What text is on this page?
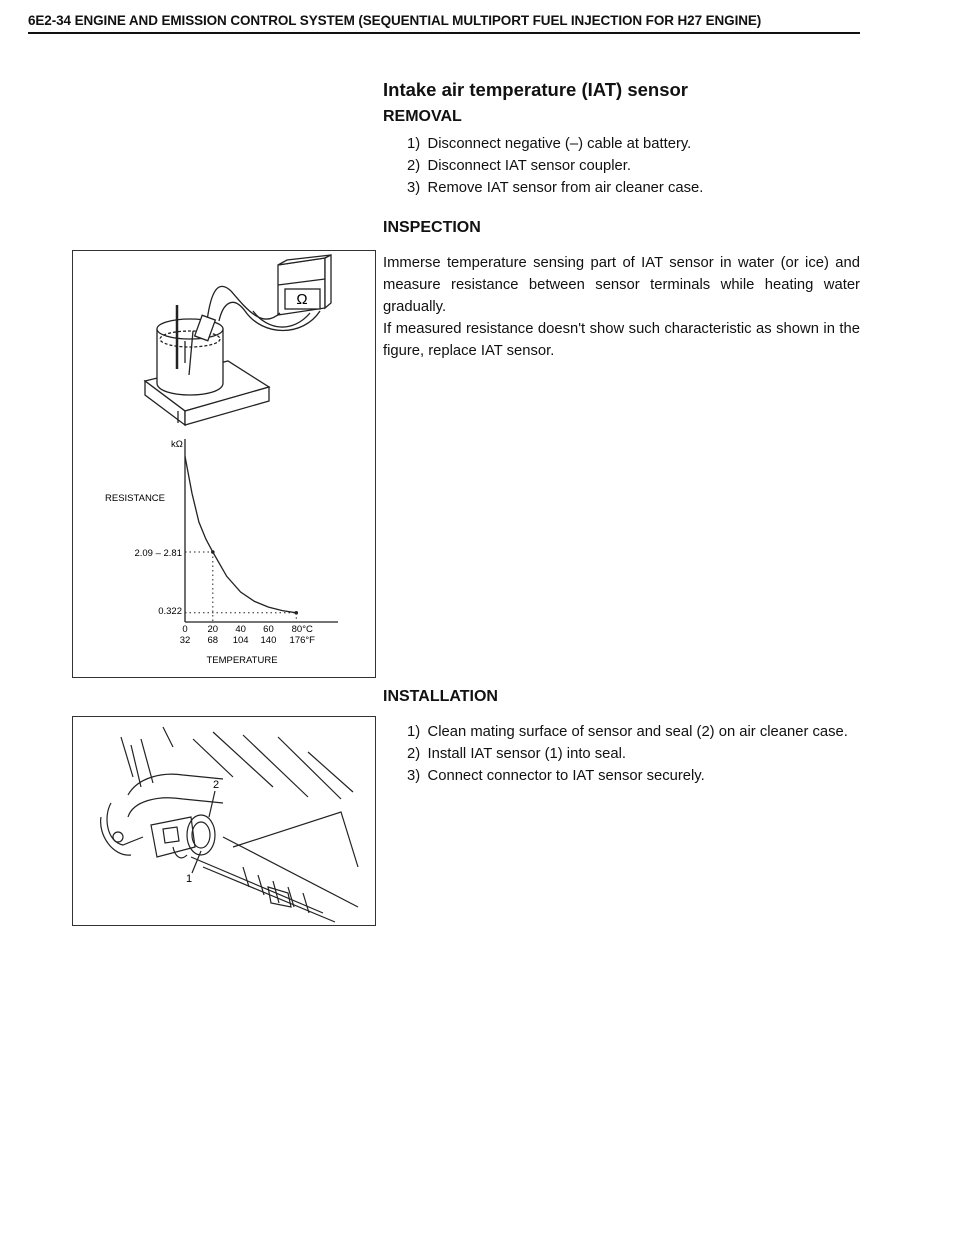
6E2-34 ENGINE AND EMISSION CONTROL SYSTEM (SEQUENTIAL MULTIPORT FUEL INJECTION FOR H27 ENGINE)
Intake air temperature (IAT) sensor
REMOVAL
1) Disconnect negative (–) cable at battery.
2) Disconnect IAT sensor coupler.
3) Remove IAT sensor from air cleaner case.
INSPECTION

Immerse temperature sensing part of IAT sensor in water (or ice) and measure resistance between sensor terminals while heating water gradually.

If measured resistance doesn't show such characteristic as shown in the figure, replace IAT sensor.

Ω
kΩ
RESISTANCE
2.09 – 2.81
0.322
0 20 40 60 80°C
32 68 104 140 176°F
TEMPERATURE
INSTALLATION
1) Clean mating surface of sensor and seal (2) on air cleaner case.
2) Install IAT sensor (1) into seal.
3) Connect connector to IAT sensor securely.
2
1
